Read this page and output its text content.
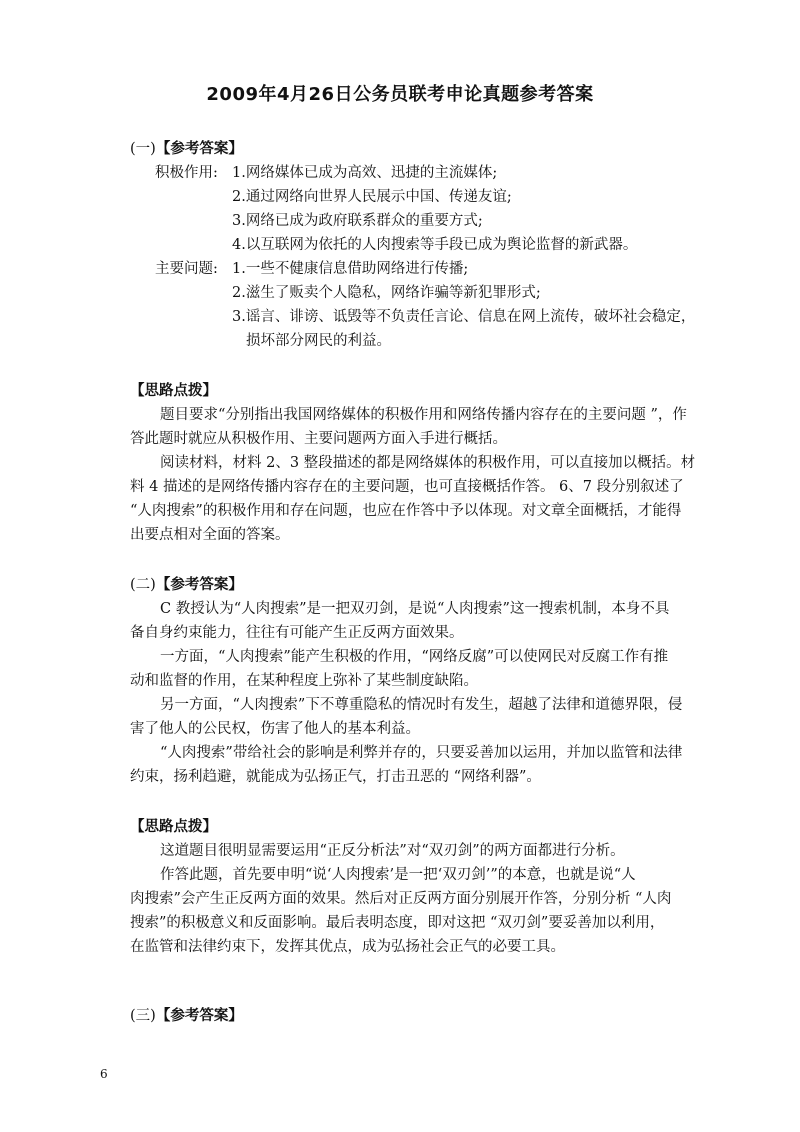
2009年4月26日公务员联考申论真题参考答案
(一)【参考答案】
积极作用: 1.网络媒体已成为高效、迅捷的主流媒体;
2.通过网络向世界人民展示中国、传递友谊;
3.网络已成为政府联系群众的重要方式;
4.以互联网为依托的人肉搜索等手段已成为舆论监督的新武器。
主要问题: 1.一些不健康信息借助网络进行传播;
2.滋生了贩卖个人隐私，网络诈骗等新犯罪形式;
3.谣言、诽谤、诋毁等不负责任言论、信息在网上流传，破坏社会稳定，
损坏部分网民的利益。
【思路点拨】
题目要求“分别指出我国网络媒体的积极作用和网络传播内容存在的主要问题 ”，作
答此题时就应从积极作用、主要问题两方面入手进行概括。
阅读材料，材料 2、3 整段描述的都是网络媒体的积极作用，可以直接加以概括。材
料 4 描述的是网络传播内容存在的主要问题，也可直接概括作答。 6、7 段分别叙述了
“人肉搜索”的积极作用和存在问题，也应在作答中予以体现。对文章全面概括，才能得
出要点相对全面的答案。
(二)【参考答案】
C 教授认为“人肉搜索”是一把双刃剑，是说“人肉搜索”这一搜索机制，本身不具
备自身约束能力，往往有可能产生正反两方面效果。
一方面，“人肉搜索”能产生积极的作用，“网络反腐”可以使网民对反腐工作有推
动和监督的作用，在某种程度上弥补了某些制度缺陷。
另一方面，“人肉搜索”下不尊重隐私的情况时有发生，超越了法律和道德界限，侵
害了他人的公民权，伤害了他人的基本利益。
“人肉搜索”带给社会的影响是利弊并存的，只要妥善加以运用，并加以监管和法律
约束，扬利趋避，就能成为弘扬正气，打击丑恶的 “网络利器”。
【思路点拨】
这道题目很明显需要运用“正反分析法”对“双刃剑”的两方面都进行分析。
作答此题，首先要申明“说‘人肉搜索’是一把‘双刃剑’”的本意，也就是说“人
肉搜索”会产生正反两方面的效果。然后对正反两方面分别展开作答，分别分析 “人肉
搜索”的积极意义和反面影响。最后表明态度，即对这把 “双刃剑”要妥善加以利用，
在监管和法律约束下，发挥其优点，成为弘扬社会正气的必要工具。
(三)【参考答案】
6
